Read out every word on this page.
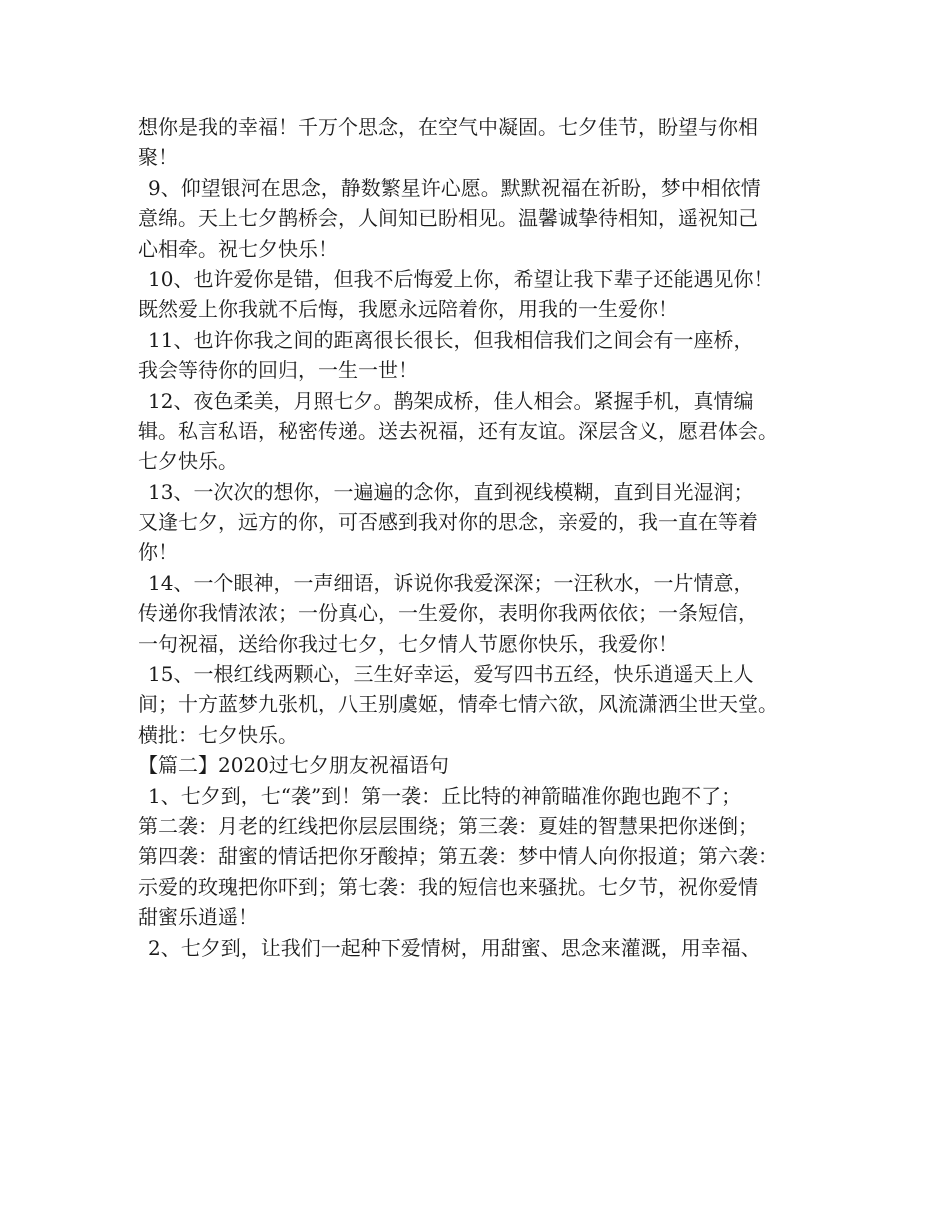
想你是我的幸福！千万个思念，在空气中凝固。七夕佳节，盼望与你相
聚！
9、仰望银河在思念，静数繁星许心愿。默默祝福在祈盼，梦中相依情
意绵。天上七夕鹊桥会，人间知已盼相见。温馨诚挚待相知，遥祝知己
心相牵。祝七夕快乐！
10、也许爱你是错，但我不后悔爱上你，希望让我下辈子还能遇见你！
既然爱上你我就不后悔，我愿永远陪着你，用我的一生爱你！
11、也许你我之间的距离很长很长，但我相信我们之间会有一座桥，
我会等待你的回归，一生一世！
12、夜色柔美，月照七夕。鹊架成桥，佳人相会。紧握手机，真情编
辑。私言私语，秘密传递。送去祝福，还有友谊。深层含义，愿君体会。
七夕快乐。
13、一次次的想你，一遍遍的念你，直到视线模糊，直到目光湿润；
又逢七夕，远方的你，可否感到我对你的思念，亲爱的，我一直在等着
你！
14、一个眼神，一声细语，诉说你我爱深深；一汪秋水，一片情意，
传递你我情浓浓；一份真心，一生爱你，表明你我两依依；一条短信，
一句祝福，送给你我过七夕，七夕情人节愿你快乐，我爱你！
15、一根红线两颗心，三生好幸运，爱写四书五经，快乐逍遥天上人
间；十方蓝梦九张机，八王别虞姬，情牵七情六欲，风流潇洒尘世天堂。
横批：七夕快乐。
【篇二】2020过七夕朋友祝福语句
1、七夕到，七“袭”到！第一袭：丘比特的神箭瞄准你跑也跑不了；
第二袭：月老的红线把你层层围绕；第三袭：夏娃的智慧果把你迷倒；
第四袭：甜蜜的情话把你牙酸掉；第五袭：梦中情人向你报道；第六袭：
示爱的玫瑰把你吓到；第七袭：我的短信也来骚扰。七夕节，祝你爱情
甜蜜乐逍遥！
2、七夕到，让我们一起种下爱情树，用甜蜜、思念来灌溉，用幸福、
